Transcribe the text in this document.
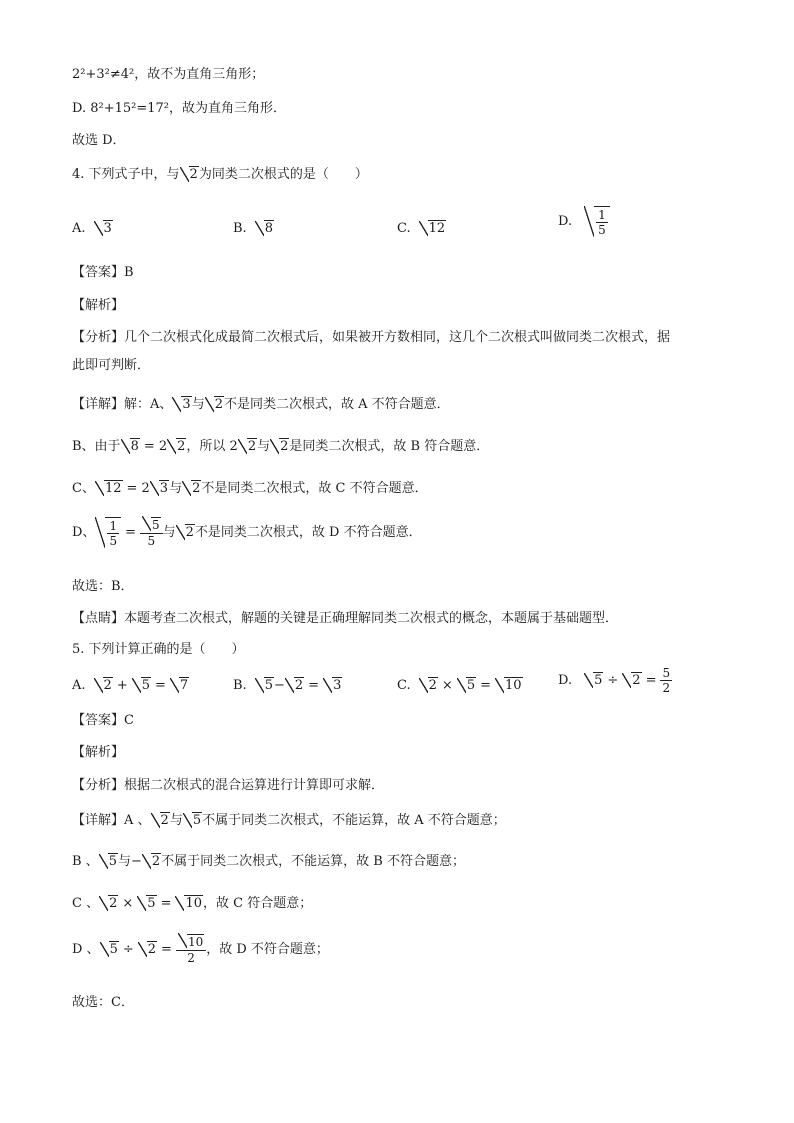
2²+3²≠4²，故不为直角三角形；
D. 8²+15²=17²，故为直角三角形．
故选 D．
4. 下列式子中，与 2为同类二次根式的是（　　）
A. 3	B. 8	C. 12	D. $\frac{1}{5}$
【答案】B
【解析】
【分析】几个二次根式化成最简二次根式后，如果被开方数相同，这几个二次根式叫做同类二次根式，据
此即可判断．
【详解】解：A、 3与 2不是同类二次根式，故 A 不符合题意．
B、由于 8 = 2 2，所以 2 2与 2是同类二次根式，故 B 符合题意．
C、 12 = 2 3与 2不是同类二次根式，故 C 不符合题意．
D、 $\frac{1}{5} = \frac{5}{5}$ 与 2 不是同类二次根式，故 D 不符合题意．
故选：B．
【点睛】本题考查二次根式，解题的关键是正确理解同类二次根式的概念，本题属于基础题型．
5. 下列计算正确的是（　　）
A. 2 + 5 = 7	B. 5− 2 = 3	C. 2 × 5 = 10	D.	5 ÷	$2 = \frac{5}{2}$
【答案】C
【解析】
【分析】根据二次根式的混合运算进行计算即可求解．
【详解】A 、 2与 5不属于同类二次根式，不能运算，故 A 不符合题意；
B 、 5与− 2不属于同类二次根式，不能运算，故 B 不符合题意；
C 、 2 × 5 = 10，故 C 符合题意；
D 、 5 ÷	$2 = \frac{10}{2}$ ，故 D 不符合题意；
故选：C．
